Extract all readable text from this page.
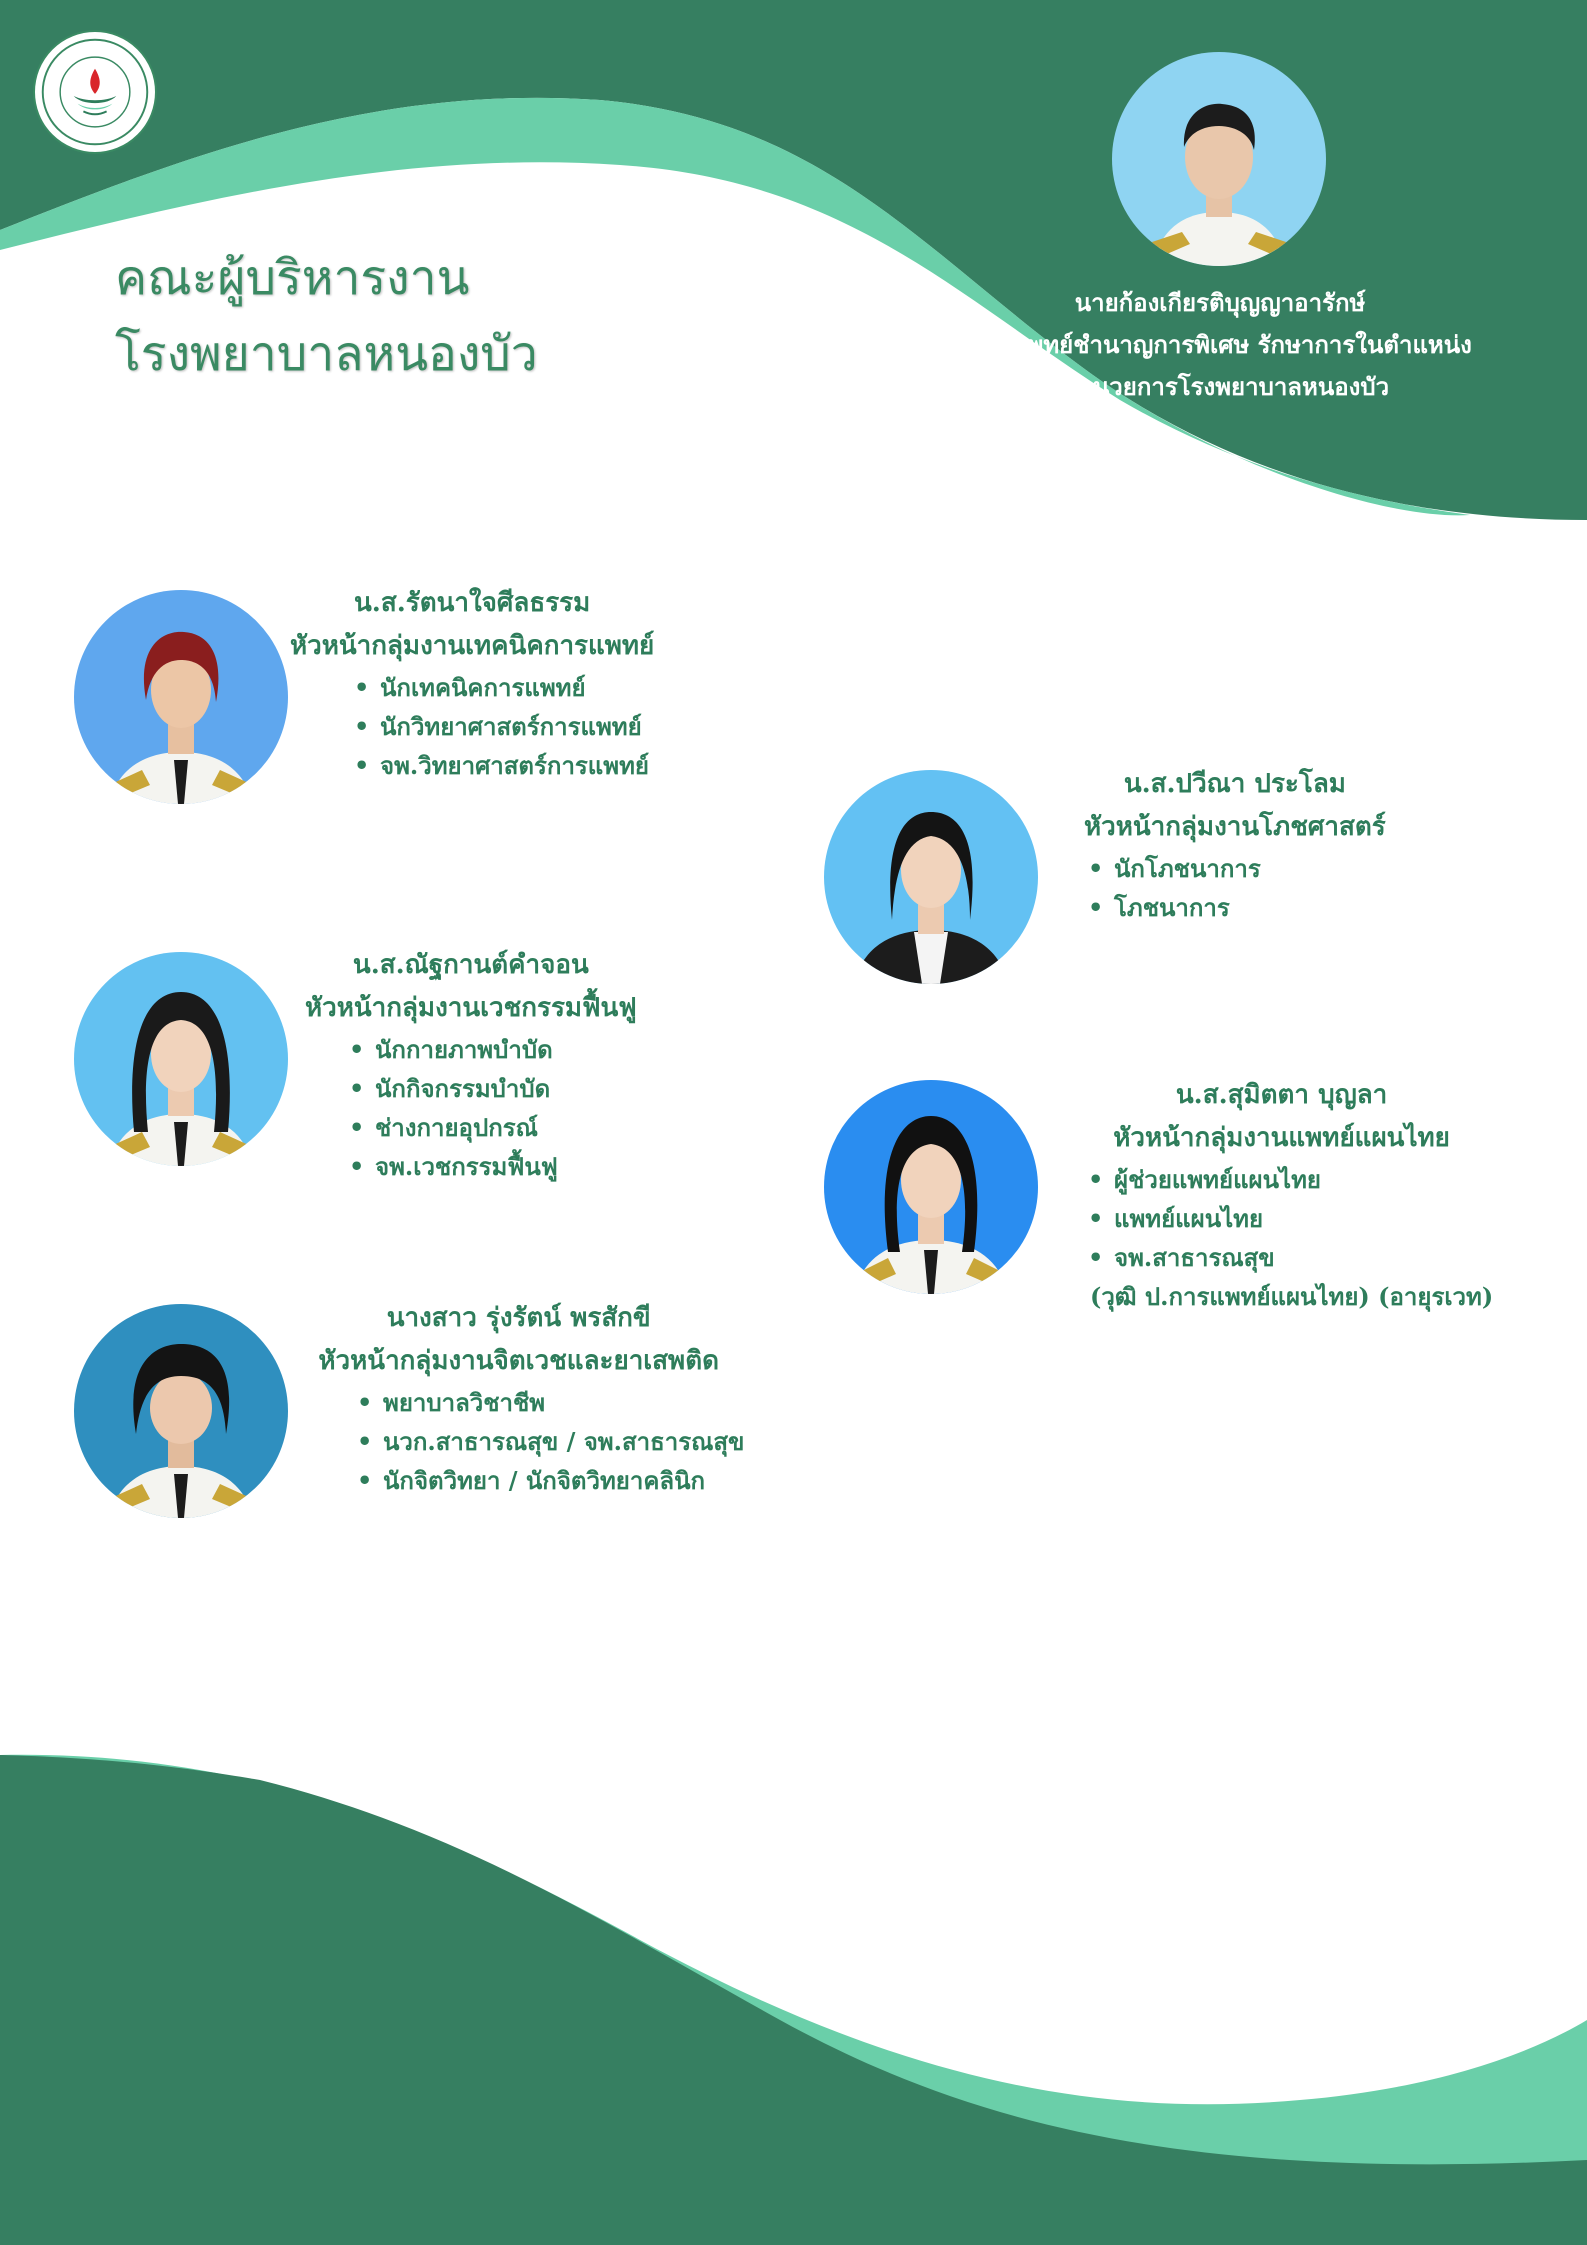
คณะผู้บริหารงาน
โรงพยาบาลหนองบัว
นายก้องเกียรติบุญญาอารักษ์
นายแพทย์ชำนาญการพิเศษ รักษาการในตำแหน่ง
ผู้อำนวยการโรงพยาบาลหนองบัว
น.ส.รัตนาใจศีลธรรม
หัวหน้ากลุ่มงานเทคนิคการแพทย์
• นักเทคนิคการแพทย์
• นักวิทยาศาสตร์การแพทย์
• จพ.วิทยาศาสตร์การแพทย์
น.ส.ณัฐกานต์คำจอน
หัวหน้ากลุ่มงานเวชกรรมฟื้นฟู
• นักกายภาพบำบัด
• นักกิจกรรมบำบัด
• ช่างกายอุปกรณ์
• จพ.เวชกรรมฟื้นฟู
นางสาว รุ่งรัตน์ พรสักขี
หัวหน้ากลุ่มงานจิตเวชและยาเสพติด
• พยาบาลวิชาชีพ
• นวก.สาธารณสุข / จพ.สาธารณสุข
• นักจิตวิทยา / นักจิตวิทยาคลินิก
น.ส.ปวีณา ประโลม
หัวหน้ากลุ่มงานโภชศาสตร์
• นักโภชนาการ
• โภชนาการ
น.ส.สุมิตตา บุญลา
หัวหน้ากลุ่มงานแพทย์แผนไทย
• ผู้ช่วยแพทย์แผนไทย
• แพทย์แผนไทย
• จพ.สาธารณสุข
(วุฒิ ป.การแพทย์แผนไทย) (อายุรเวท)
